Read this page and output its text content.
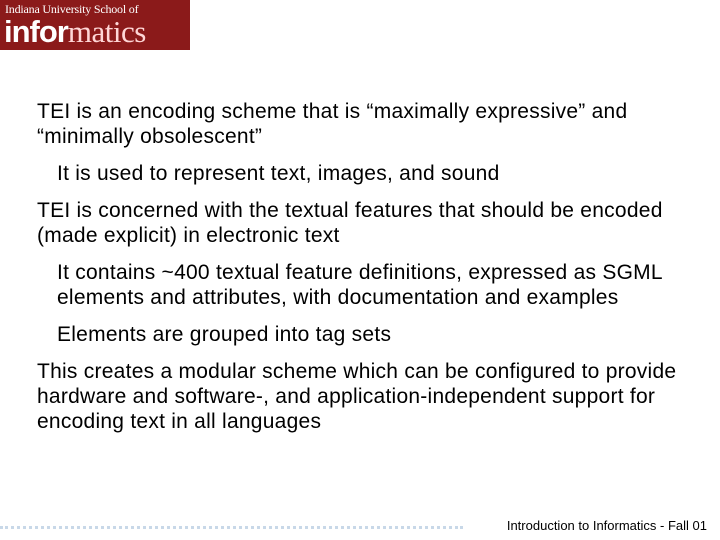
Indiana University School of
informatics
TEI is an encoding scheme that is “maximally expressive” and “minimally obsolescent”
It is used to represent text, images, and sound
TEI is concerned with the textual features that should be encoded (made explicit) in electronic text
It contains ~400 textual feature definitions, expressed as SGML elements and attributes, with documentation and examples
Elements are grouped into tag sets
This creates a modular scheme which can be configured to provide hardware and software-, and application-independent support for encoding text in all languages
Introduction to Informatics - Fall 01
